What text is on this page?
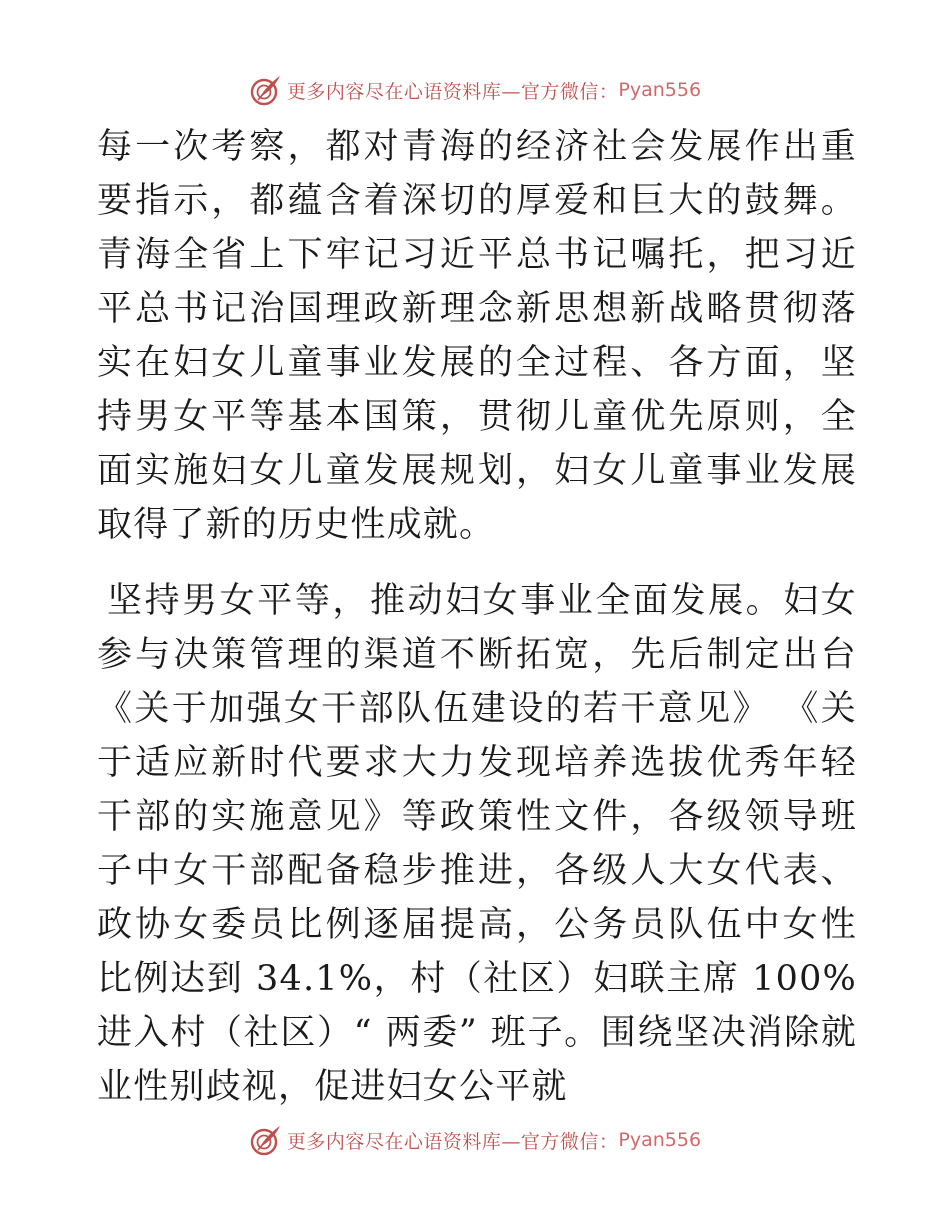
更多内容尽在心语资料库—官方微信： Pyan556

每一次考察，都对青海的经济社会发展作出重要指示，都蕴含着深切的厚爱和巨大的鼓舞。青海全省上下牢记习近平总书记嘱托，把习近平总书记治国理政新理念新思想新战略贯彻落实在妇女儿童事业发展的全过程、各方面，坚持男女平等基本国策，贯彻儿童优先原则，全面实施妇女儿童发展规划，妇女儿童事业发展取得了新的历史性成就。

坚持男女平等，推动妇女事业全面发展。妇女参与决策管理的渠道不断拓宽，先后制定出台《关于加强女干部队伍建设的若干意见》 《关于适应新时代要求大力发现培养选拔优秀年轻干部的实施意见》等政策性文件，各级领导班子中女干部配备稳步推进，各级人大女代表、政协女委员比例逐届提高，公务员队伍中女性比例达到 34.1%，村（社区）妇联主席 100%进入村（社区）“ 两委” 班子。围绕坚决消除就业性别歧视，促进妇女公平就

更多内容尽在心语资料库—官方微信： Pyan556
